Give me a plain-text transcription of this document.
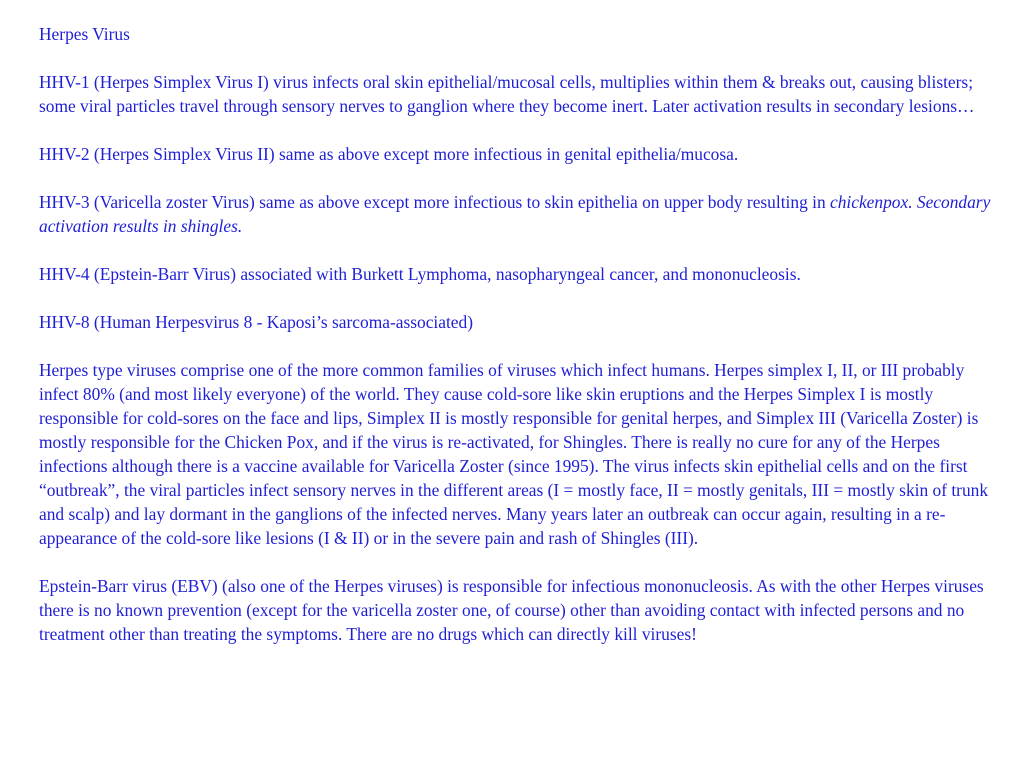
Herpes Virus

HHV-1 (Herpes Simplex Virus I) virus infects oral skin epithelial/mucosal cells, multiplies within them & breaks out, causing blisters; some viral particles travel through sensory nerves to ganglion where they become inert. Later activation results in secondary lesions…

HHV-2 (Herpes Simplex Virus II) same as above except more infectious in genital epithelia/mucosa.

HHV-3 (Varicella zoster Virus) same as above except more infectious to skin epithelia on upper body resulting in chickenpox. Secondary activation results in shingles.

HHV-4 (Epstein-Barr Virus) associated with Burkett Lymphoma, nasopharyngeal cancer, and mononucleosis.

HHV-8 (Human Herpesvirus 8 - Kaposi’s sarcoma-associated)

Herpes type viruses comprise one of the more common families of viruses which infect humans. Herpes simplex I, II, or III probably infect 80% (and most likely everyone) of the world. They cause cold-sore like skin eruptions and the Herpes Simplex I is mostly responsible for cold-sores on the face and lips, Simplex II is mostly responsible for genital herpes, and Simplex III (Varicella Zoster) is mostly responsible for the Chicken Pox, and if the virus is re-activated, for Shingles. There is really no cure for any of the Herpes infections although there is a vaccine available for Varicella Zoster (since 1995). The virus infects skin epithelial cells and on the first “outbreak”, the viral particles infect sensory nerves in the different areas (I = mostly face, II = mostly genitals, III = mostly skin of trunk and scalp) and lay dormant in the ganglions of the infected nerves. Many years later an outbreak can occur again, resulting in a re-appearance of the cold-sore like lesions (I & II) or in the severe pain and rash of Shingles (III).

Epstein-Barr virus (EBV) (also one of the Herpes viruses) is responsible for infectious mononucleosis. As with the other Herpes viruses there is no known prevention (except for the varicella zoster one, of course) other than avoiding contact with infected persons and no treatment other than treating the symptoms. There are no drugs which can directly kill viruses!
